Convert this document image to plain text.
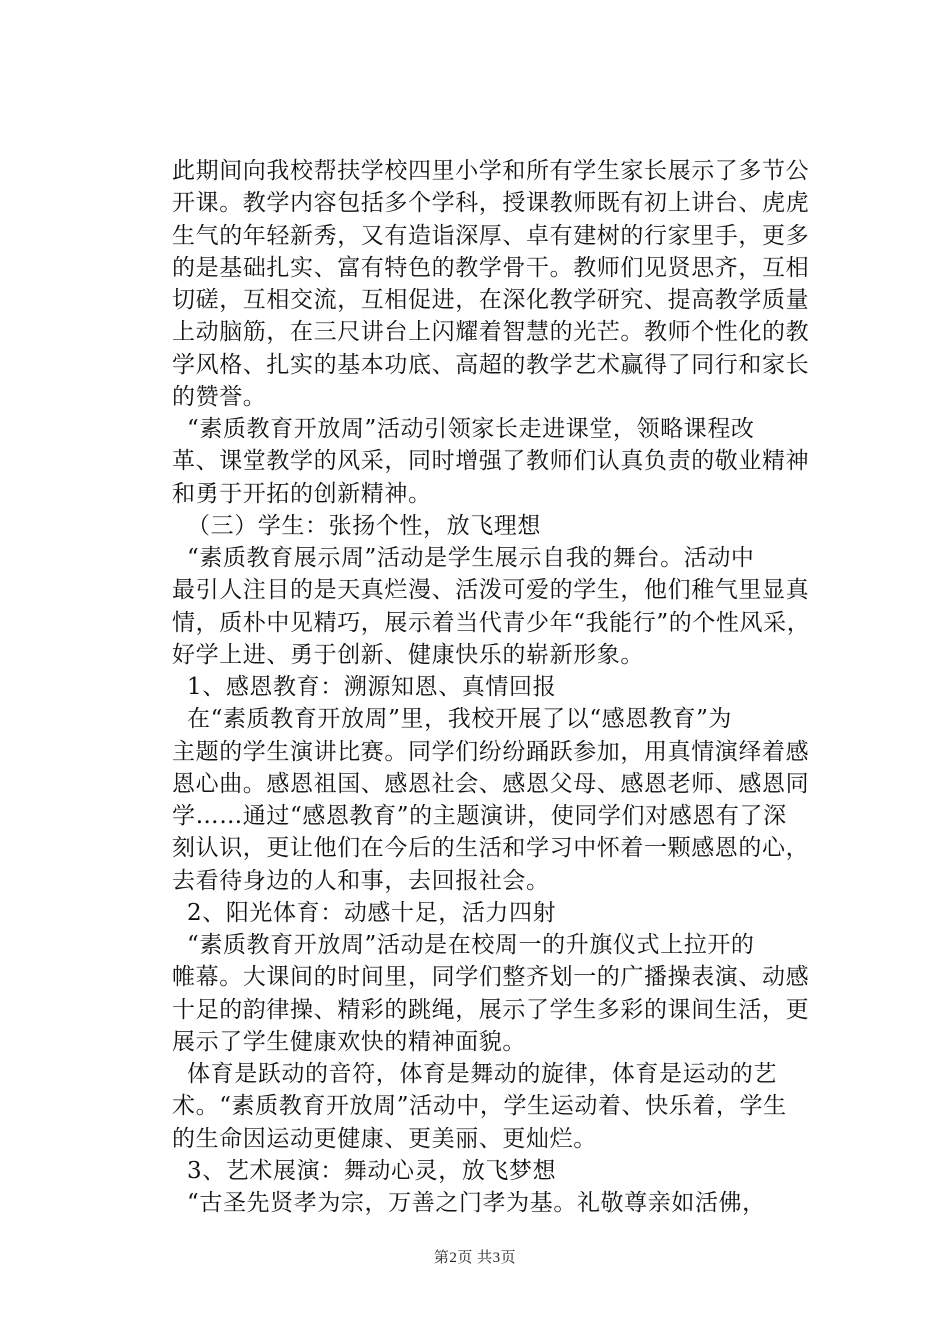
此期间向我校帮扶学校四里小学和所有学生家长展示了多节公
开课。教学内容包括多个学科，授课教师既有初上讲台、虎虎
生气的年轻新秀，又有造诣深厚、卓有建树的行家里手，更多
的是基础扎实、富有特色的教学骨干。教师们见贤思齐，互相
切磋，互相交流，互相促进，在深化教学研究、提高教学质量
上动脑筋，在三尺讲台上闪耀着智慧的光芒。教师个性化的教
学风格、扎实的基本功底、高超的教学艺术赢得了同行和家长
的赞誉。
“素质教育开放周”活动引领家长走进课堂，领略课程改
革、课堂教学的风采，同时增强了教师们认真负责的敬业精神
和勇于开拓的创新精神。
（三）学生：张扬个性，放飞理想
“素质教育展示周”活动是学生展示自我的舞台。活动中
最引人注目的是天真烂漫、活泼可爱的学生，他们稚气里显真
情，质朴中见精巧，展示着当代青少年“我能行”的个性风采，
好学上进、勇于创新、健康快乐的崭新形象。
1、感恩教育：溯源知恩、真情回报
在“素质教育开放周”里，我校开展了以“感恩教育”为
主题的学生演讲比赛。同学们纷纷踊跃参加，用真情演绎着感
恩心曲。感恩祖国、感恩社会、感恩父母、感恩老师、感恩同
学……通过“感恩教育”的主题演讲，使同学们对感恩有了深
刻认识，更让他们在今后的生活和学习中怀着一颗感恩的心，
去看待身边的人和事，去回报社会。
2、阳光体育：动感十足，活力四射
“素质教育开放周”活动是在校周一的升旗仪式上拉开的
帷幕。大课间的时间里，同学们整齐划一的广播操表演、动感
十足的韵律操、精彩的跳绳，展示了学生多彩的课间生活，更
展示了学生健康欢快的精神面貌。
体育是跃动的音符，体育是舞动的旋律，体育是运动的艺
术。“素质教育开放周”活动中，学生运动着、快乐着，学生
的生命因运动更健康、更美丽、更灿烂。
3、艺术展演：舞动心灵，放飞梦想
“古圣先贤孝为宗，万善之门孝为基。礼敬尊亲如活佛，
第2页 共3页
